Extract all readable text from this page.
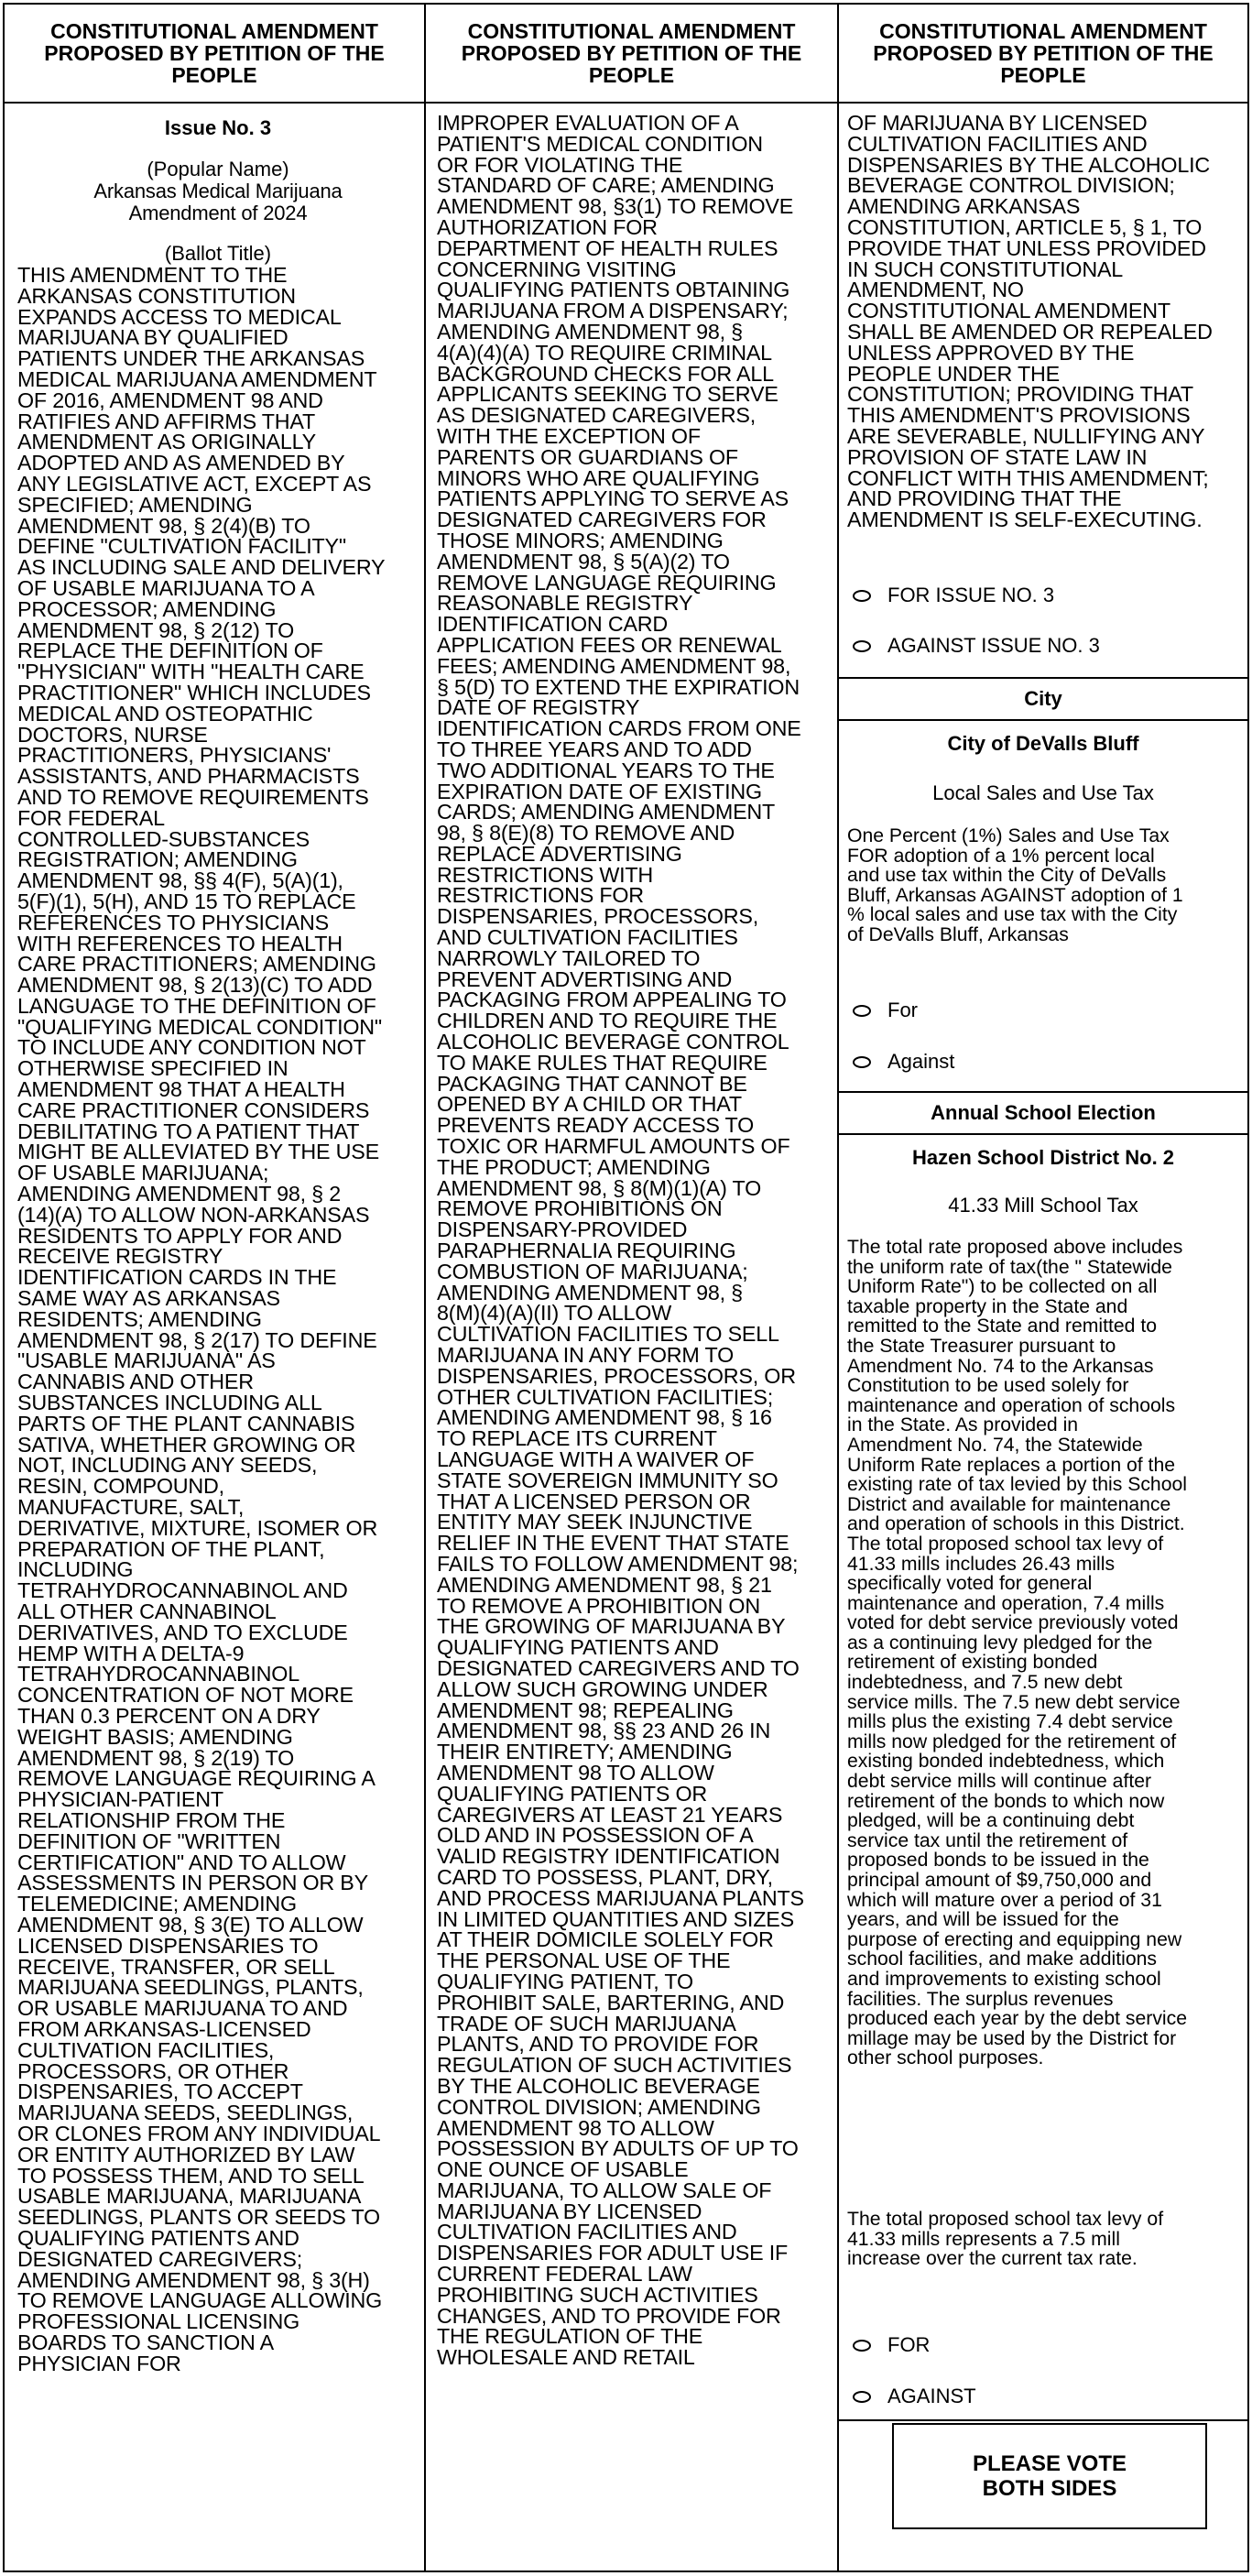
CONSTITUTIONAL AMENDMENT
PROPOSED BY PETITION OF THE
PEOPLE
Issue No. 3
(Popular Name)
Arkansas Medical Marijuana
Amendment of 2024
(Ballot Title)
THIS AMENDMENT TO THE
ARKANSAS CONSTITUTION
EXPANDS ACCESS TO MEDICAL
MARIJUANA BY QUALIFIED
PATIENTS UNDER THE ARKANSAS
MEDICAL MARIJUANA AMENDMENT
OF 2016, AMENDMENT 98 AND
RATIFIES AND AFFIRMS THAT
AMENDMENT AS ORIGINALLY
ADOPTED AND AS AMENDED BY
ANY LEGISLATIVE ACT, EXCEPT AS
SPECIFIED; AMENDING
AMENDMENT 98, § 2(4)(B) TO
DEFINE "CULTIVATION FACILITY"
AS INCLUDING SALE AND DELIVERY
OF USABLE MARIJUANA TO A
PROCESSOR; AMENDING
AMENDMENT 98, § 2(12) TO
REPLACE THE DEFINITION OF
"PHYSICIAN" WITH "HEALTH CARE
PRACTITIONER" WHICH INCLUDES
MEDICAL AND OSTEOPATHIC
DOCTORS, NURSE
PRACTITIONERS, PHYSICIANS'
ASSISTANTS, AND PHARMACISTS
AND TO REMOVE REQUIREMENTS
FOR FEDERAL
CONTROLLED-SUBSTANCES
REGISTRATION; AMENDING
AMENDMENT 98, §§ 4(F), 5(A)(1),
5(F)(1), 5(H), AND 15 TO REPLACE
REFERENCES TO PHYSICIANS
WITH REFERENCES TO HEALTH
CARE PRACTITIONERS; AMENDING
AMENDMENT 98, § 2(13)(C) TO ADD
LANGUAGE TO THE DEFINITION OF
"QUALIFYING MEDICAL CONDITION"
TO INCLUDE ANY CONDITION NOT
OTHERWISE SPECIFIED IN
AMENDMENT 98 THAT A HEALTH
CARE PRACTITIONER CONSIDERS
DEBILITATING TO A PATIENT THAT
MIGHT BE ALLEVIATED BY THE USE
OF USABLE MARIJUANA;
AMENDING AMENDMENT 98, § 2
(14)(A) TO ALLOW NON-ARKANSAS
RESIDENTS TO APPLY FOR AND
RECEIVE REGISTRY
IDENTIFICATION CARDS IN THE
SAME WAY AS ARKANSAS
RESIDENTS; AMENDING
AMENDMENT 98, § 2(17) TO DEFINE
"USABLE MARIJUANA" AS
CANNABIS AND OTHER
SUBSTANCES INCLUDING ALL
PARTS OF THE PLANT CANNABIS
SATIVA, WHETHER GROWING OR
NOT, INCLUDING ANY SEEDS,
RESIN, COMPOUND,
MANUFACTURE, SALT,
DERIVATIVE, MIXTURE, ISOMER OR
PREPARATION OF THE PLANT,
INCLUDING
TETRAHYDROCANNABINOL AND
ALL OTHER CANNABINOL
DERIVATIVES, AND TO EXCLUDE
HEMP WITH A DELTA-9
TETRAHYDROCANNABINOL
CONCENTRATION OF NOT MORE
THAN 0.3 PERCENT ON A DRY
WEIGHT BASIS; AMENDING
AMENDMENT 98, § 2(19) TO
REMOVE LANGUAGE REQUIRING A
PHYSICIAN-PATIENT
RELATIONSHIP FROM THE
DEFINITION OF "WRITTEN
CERTIFICATION" AND TO ALLOW
ASSESSMENTS IN PERSON OR BY
TELEMEDICINE; AMENDING
AMENDMENT 98, § 3(E) TO ALLOW
LICENSED DISPENSARIES TO
RECEIVE, TRANSFER, OR SELL
MARIJUANA SEEDLINGS, PLANTS,
OR USABLE MARIJUANA TO AND
FROM ARKANSAS-LICENSED
CULTIVATION FACILITIES,
PROCESSORS, OR OTHER
DISPENSARIES, TO ACCEPT
MARIJUANA SEEDS, SEEDLINGS,
OR CLONES FROM ANY INDIVIDUAL
OR ENTITY AUTHORIZED BY LAW
TO POSSESS THEM, AND TO SELL
USABLE MARIJUANA, MARIJUANA
SEEDLINGS, PLANTS OR SEEDS TO
QUALIFYING PATIENTS AND
DESIGNATED CAREGIVERS;
AMENDING AMENDMENT 98, § 3(H)
TO REMOVE LANGUAGE ALLOWING
PROFESSIONAL LICENSING
BOARDS TO SANCTION A
PHYSICIAN FOR
CONSTITUTIONAL AMENDMENT
PROPOSED BY PETITION OF THE
PEOPLE
IMPROPER EVALUATION OF A
PATIENT'S MEDICAL CONDITION
OR FOR VIOLATING THE
STANDARD OF CARE; AMENDING
AMENDMENT 98, §3(1) TO REMOVE
AUTHORIZATION FOR
DEPARTMENT OF HEALTH RULES
CONCERNING VISITING
QUALIFYING PATIENTS OBTAINING
MARIJUANA FROM A DISPENSARY;
AMENDING AMENDMENT 98, §
4(A)(4)(A) TO REQUIRE CRIMINAL
BACKGROUND CHECKS FOR ALL
APPLICANTS SEEKING TO SERVE
AS DESIGNATED CAREGIVERS,
WITH THE EXCEPTION OF
PARENTS OR GUARDIANS OF
MINORS WHO ARE QUALIFYING
PATIENTS APPLYING TO SERVE AS
DESIGNATED CAREGIVERS FOR
THOSE MINORS; AMENDING
AMENDMENT 98, § 5(A)(2) TO
REMOVE LANGUAGE REQUIRING
REASONABLE REGISTRY
IDENTIFICATION CARD
APPLICATION FEES OR RENEWAL
FEES; AMENDING AMENDMENT 98,
§ 5(D) TO EXTEND THE EXPIRATION
DATE OF REGISTRY
IDENTIFICATION CARDS FROM ONE
TO THREE YEARS AND TO ADD
TWO ADDITIONAL YEARS TO THE
EXPIRATION DATE OF EXISTING
CARDS; AMENDING AMENDMENT
98, § 8(E)(8) TO REMOVE AND
REPLACE ADVERTISING
RESTRICTIONS WITH
RESTRICTIONS FOR
DISPENSARIES, PROCESSORS,
AND CULTIVATION FACILITIES
NARROWLY TAILORED TO
PREVENT ADVERTISING AND
PACKAGING FROM APPEALING TO
CHILDREN AND TO REQUIRE THE
ALCOHOLIC BEVERAGE CONTROL
TO MAKE RULES THAT REQUIRE
PACKAGING THAT CANNOT BE
OPENED BY A CHILD OR THAT
PREVENTS READY ACCESS TO
TOXIC OR HARMFUL AMOUNTS OF
THE PRODUCT; AMENDING
AMENDMENT 98, § 8(M)(1)(A) TO
REMOVE PROHIBITIONS ON
DISPENSARY-PROVIDED
PARAPHERNALIA REQUIRING
COMBUSTION OF MARIJUANA;
AMENDING AMENDMENT 98, §
8(M)(4)(A)(II) TO ALLOW
CULTIVATION FACILITIES TO SELL
MARIJUANA IN ANY FORM TO
DISPENSARIES, PROCESSORS, OR
OTHER CULTIVATION FACILITIES;
AMENDING AMENDMENT 98, § 16
TO REPLACE ITS CURRENT
LANGUAGE WITH A WAIVER OF
STATE SOVEREIGN IMMUNITY SO
THAT A LICENSED PERSON OR
ENTITY MAY SEEK INJUNCTIVE
RELIEF IN THE EVENT THAT STATE
FAILS TO FOLLOW AMENDMENT 98;
AMENDING AMENDMENT 98, § 21
TO REMOVE A PROHIBITION ON
THE GROWING OF MARIJUANA BY
QUALIFYING PATIENTS AND
DESIGNATED CAREGIVERS AND TO
ALLOW SUCH GROWING UNDER
AMENDMENT 98; REPEALING
AMENDMENT 98, §§ 23 AND 26 IN
THEIR ENTIRETY; AMENDING
AMENDMENT 98 TO ALLOW
QUALIFYING PATIENTS OR
CAREGIVERS AT LEAST 21 YEARS
OLD AND IN POSSESSION OF A
VALID REGISTRY IDENTIFICATION
CARD TO POSSESS, PLANT, DRY,
AND PROCESS MARIJUANA PLANTS
IN LIMITED QUANTITIES AND SIZES
AT THEIR DOMICILE SOLELY FOR
THE PERSONAL USE OF THE
QUALIFYING PATIENT, TO
PROHIBIT SALE, BARTERING, AND
TRADE OF SUCH MARIJUANA
PLANTS, AND TO PROVIDE FOR
REGULATION OF SUCH ACTIVITIES
BY THE ALCOHOLIC BEVERAGE
CONTROL DIVISION; AMENDING
AMENDMENT 98 TO ALLOW
POSSESSION BY ADULTS OF UP TO
ONE OUNCE OF USABLE
MARIJUANA, TO ALLOW SALE OF
MARIJUANA BY LICENSED
CULTIVATION FACILITIES AND
DISPENSARIES FOR ADULT USE IF
CURRENT FEDERAL LAW
PROHIBITING SUCH ACTIVITIES
CHANGES, AND TO PROVIDE FOR
THE REGULATION OF THE
WHOLESALE AND RETAIL
CONSTITUTIONAL AMENDMENT
PROPOSED BY PETITION OF THE
PEOPLE
OF MARIJUANA BY LICENSED
CULTIVATION FACILITIES AND
DISPENSARIES BY THE ALCOHOLIC
BEVERAGE CONTROL DIVISION;
AMENDING ARKANSAS
CONSTITUTION, ARTICLE 5, § 1, TO
PROVIDE THAT UNLESS PROVIDED
IN SUCH CONSTITUTIONAL
AMENDMENT, NO
CONSTITUTIONAL AMENDMENT
SHALL BE AMENDED OR REPEALED
UNLESS APPROVED BY THE
PEOPLE UNDER THE
CONSTITUTION; PROVIDING THAT
THIS AMENDMENT'S PROVISIONS
ARE SEVERABLE, NULLIFYING ANY
PROVISION OF STATE LAW IN
CONFLICT WITH THIS AMENDMENT;
AND PROVIDING THAT THE
AMENDMENT IS SELF-EXECUTING.
FOR ISSUE NO. 3
AGAINST ISSUE NO. 3
City
City of DeValls Bluff
Local Sales and Use Tax
One Percent (1%) Sales and Use Tax
FOR adoption of a 1% percent local
and use tax within the City of DeValls
Bluff, Arkansas AGAINST adoption of 1
% local sales and use tax with the City
of DeValls Bluff, Arkansas
For
Against
Annual School Election
Hazen School District No. 2
41.33 Mill School Tax
The total rate proposed above includes
the uniform rate of tax(the " Statewide
Uniform Rate") to be collected on all
taxable property in the State and
remitted to the State and remitted to
the State Treasurer pursuant to
Amendment No. 74 to the Arkansas
Constitution to be used solely for
maintenance and operation of schools
in the State. As provided in
Amendment No. 74, the Statewide
Uniform Rate replaces a portion of the
existing rate of tax levied by this School
District and available for maintenance
and operation of schools in this District.
The total proposed school tax levy of
41.33 mills includes 26.43 mills
specifically voted for general
maintenance and operation, 7.4 mills
voted for debt service previously voted
as a continuing levy pledged for the
retirement of existing bonded
indebtedness, and 7.5 new debt
service mills. The 7.5 new debt service
mills plus the existing 7.4 debt service
mills now pledged for the retirement of
existing bonded indebtedness, which
debt service mills will continue after
retirement of the bonds to which now
pledged, will be a continuing debt
service tax until the retirement of
proposed bonds to be issued in the
principal amount of $9,750,000 and
which will mature over a period of 31
years, and will be issued for the
purpose of erecting and equipping new
school facilities, and make additions
and improvements to existing school
facilities. The surplus revenues
produced each year by the debt service
millage may be used by the District for
other school purposes.
The total proposed school tax levy of
41.33 mills represents a 7.5 mill
increase over the current tax rate.
FOR
AGAINST
PLEASE VOTE
BOTH SIDES
